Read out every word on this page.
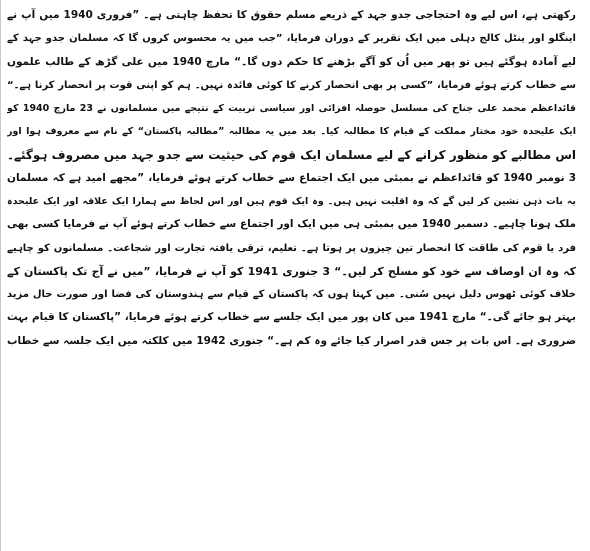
رکھتی ہے، اس لیے وہ احتجاجی جدو جہد کے ذریعے مسلم حقوق کا تحفظ چاہتی ہے۔ ”فروری 1940 میں آپ نے
اینگلو اور ینٹل کالج دہلی میں ایک تقریر کے دوران فرمایا، ”جب میں یہ محسوس کروں گا کہ مسلمان جدو جہد کے
لیے آمادہ ہوگئے ہیں تو پھر میں اُن کو آگے بڑھنے کا حکم دوں گا۔“ مارچ 1940 میں علی گڑھ کے طالب علموں
سے خطاب کرتے ہوئے فرمایا، ”کسی پر بھی انحصار کرنے کا کوئی فائدہ نہیں۔ ہم کو اپنی قوت پر انحصار کرنا ہے۔“
قائداعظم محمد علی جناح کی مسلسل حوصلہ افزائی اور سیاسی تربیت کے نتیجے میں مسلمانوں نے 23 مارچ 1940 کو
ایک علیحدہ خود مختار مملکت کے قیام کا مطالبہ کیا۔ بعد میں یہ مطالبہ ”مطالبہ پاکستان“ کے نام سے معروف ہوا اور
اس مطالبے کو منظور کرانے کے لیے مسلمان ایک قوم کی حیثیت سے جدو جہد میں مصروف ہوگئے۔
3 نومبر 1940 کو قائداعظم نے بمبئی میں ایک اجتماع سے خطاب کرتے ہوئے فرمایا، ”مجھے امید ہے کہ مسلمان
یہ بات ذہن نشین کر لیں گے کہ وہ اقلیت نہیں ہیں۔ وہ ایک قوم ہیں اور اس لحاظ سے ہمارا ایک علاقہ اور ایک علیحدہ
ملک ہونا چاہیے۔ دسمبر 1940 میں بمبئی ہی میں ایک اور اجتماع سے خطاب کرتے ہوئے آپ نے فرمایا کسی بھی
فرد یا قوم کی طاقت کا انحصار تین چیزوں پر ہوتا ہے۔ تعلیم، ترقی یافتہ تجارت اور شجاعت۔ مسلمانوں کو چاہیے
کہ وہ ان اوصاف سے خود کو مسلح کر لیں۔“ 3 جنوری 1941 کو آپ نے فرمایا، ”میں نے آج تک پاکستان کے
خلاف کوئی ٹھوس دلیل نہیں سُنی۔ میں کہتا ہوں کہ پاکستان کے قیام سے ہندوستان کی فضا اور صورت حال مزید
بہتر ہو جائے گی۔“ مارچ 1941 میں کان پور میں ایک جلسے سے خطاب کرتے ہوئے فرمایا، ”پاکستان کا قیام بہت
ضروری ہے۔ اس بات پر جس قدر اصرار کیا جائے وہ کم ہے۔“ جنوری 1942 میں کلکتہ میں ایک جلسہ سے خطاب
